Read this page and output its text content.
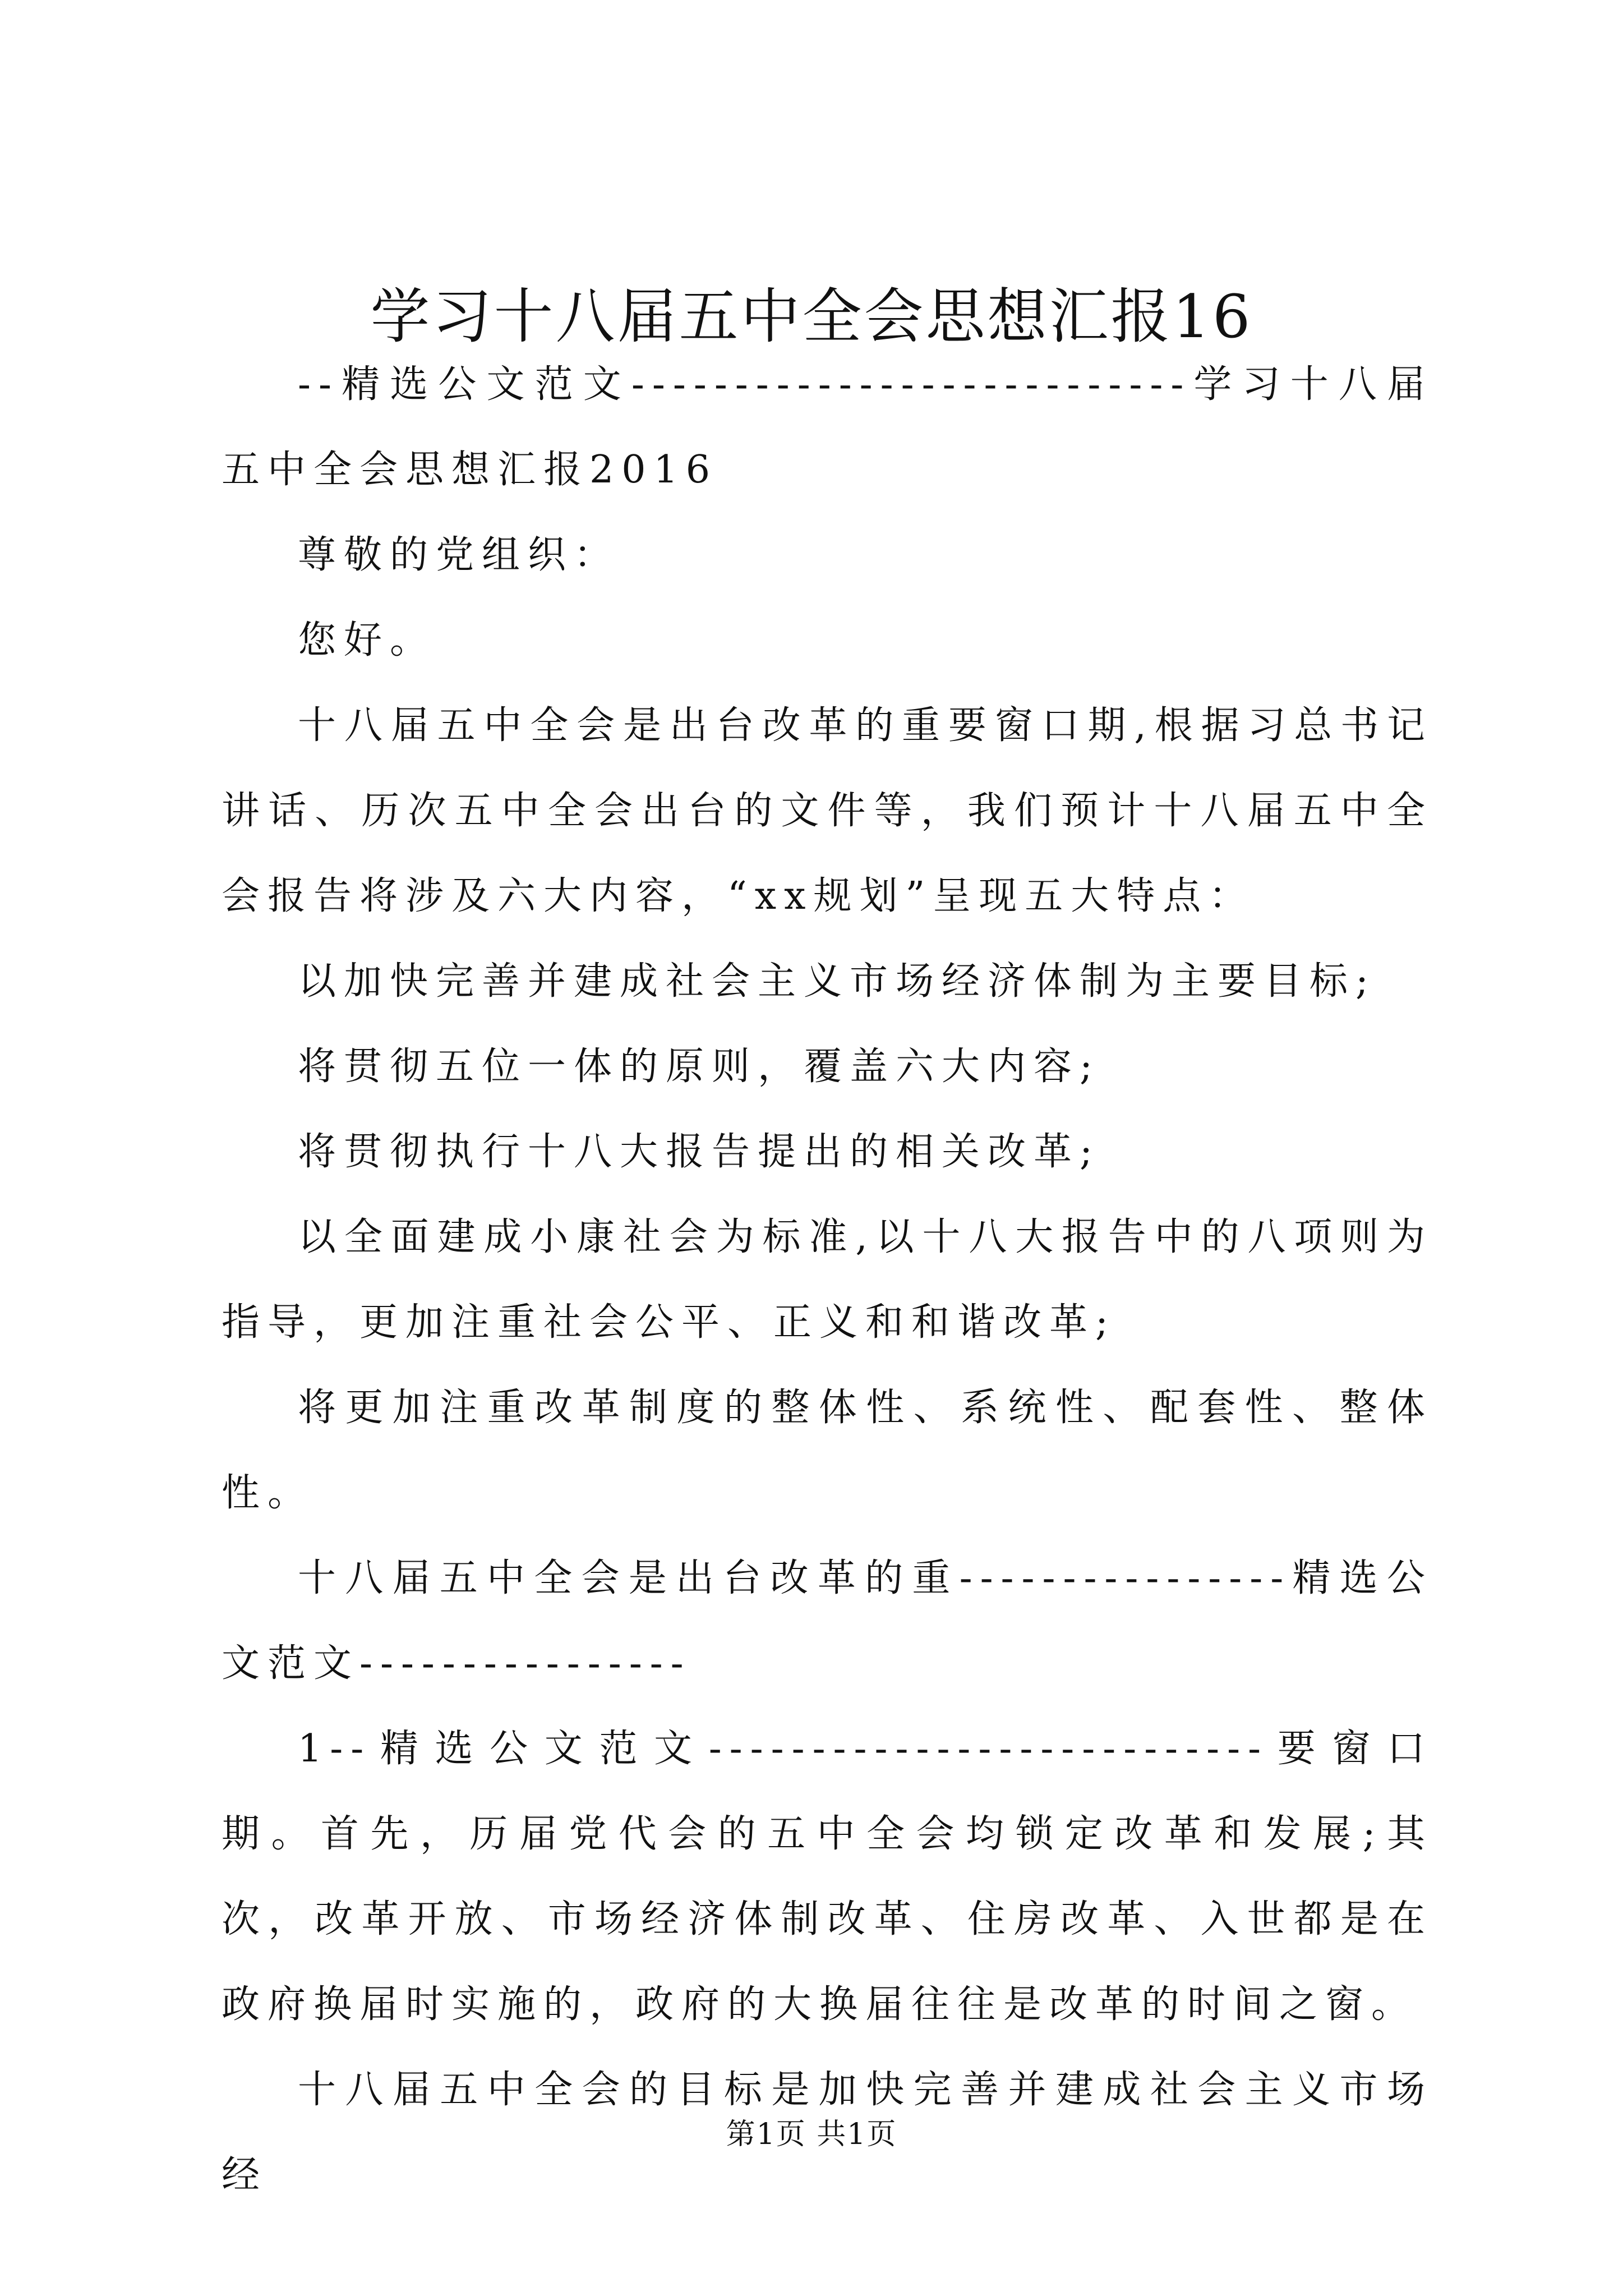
学习十八届五中全会思想汇报16

--精选公文范文---------------------------学习十八届五中全会思想汇报2016

尊敬的党组织：

您好。

十八届五中全会是出台改革的重要窗口期,根据习总书记讲话、历次五中全会出台的文件等，我们预计十八届五中全会报告将涉及六大内容，“xx规划”呈现五大特点：

以加快完善并建成社会主义市场经济体制为主要目标;

将贯彻五位一体的原则，覆盖六大内容;

将贯彻执行十八大报告提出的相关改革;

以全面建成小康社会为标准,以十八大报告中的八项则为指导，更加注重社会公平、正义和和谐改革;

将更加注重改革制度的整体性、系统性、配套性、整体性。

十八届五中全会是出台改革的重----------------精选公文范文----------------

1--精选公文范文---------------------------要窗口期。首先，历届党代会的五中全会均锁定改革和发展;其次，改革开放、市场经济体制改革、住房改革、入世都是在政府换届时实施的，政府的大换届往往是改革的时间之窗。

十八届五中全会的目标是加快完善并建成社会主义市场经

第1页 共1页
